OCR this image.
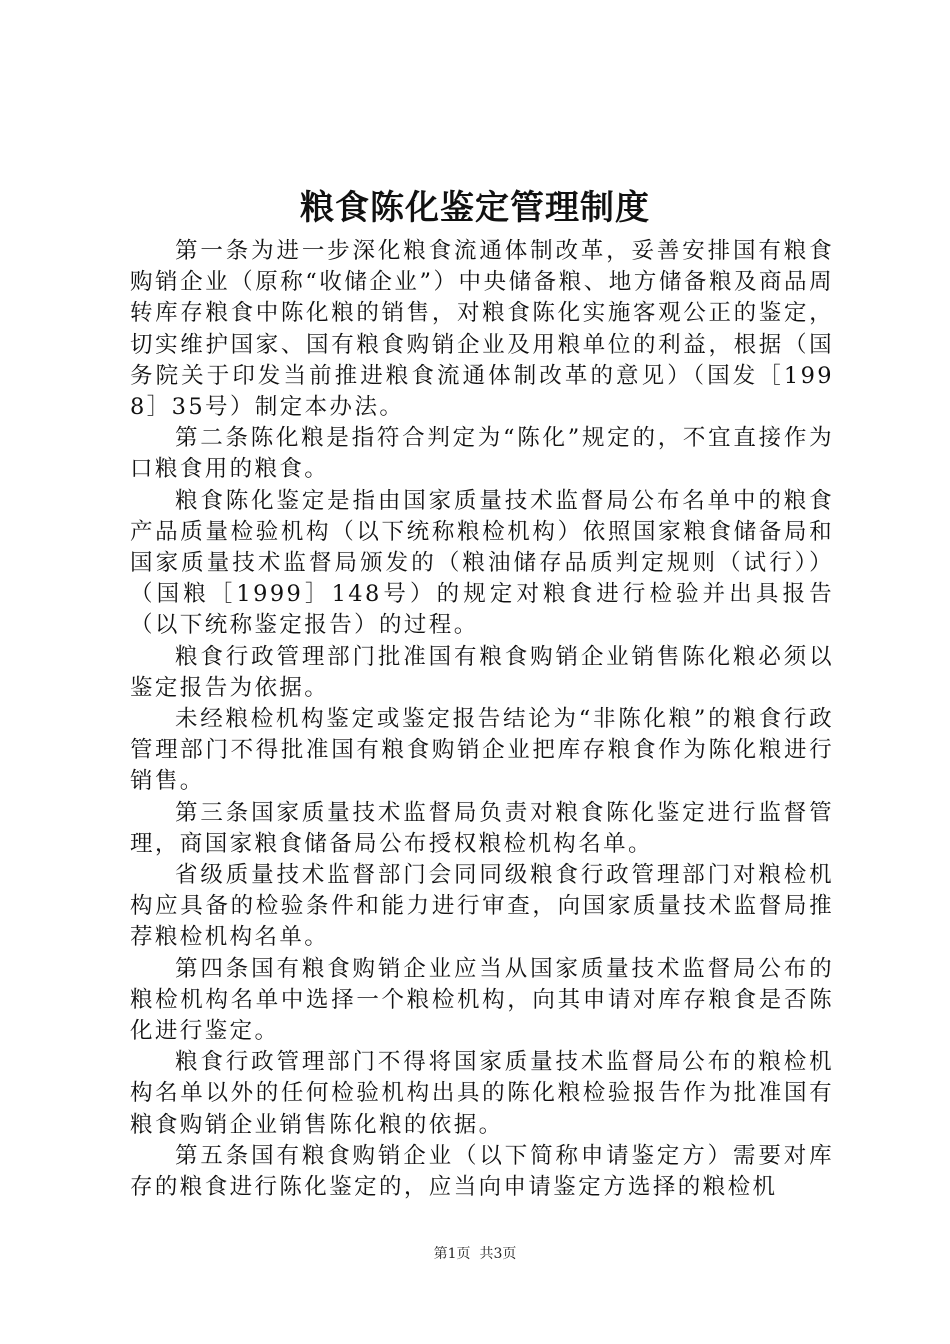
粮食陈化鉴定管理制度

第一条为进一步深化粮食流通体制改革，妥善安排国有粮食购销企业（原称“收储企业”）中央储备粮、地方储备粮及商品周转库存粮食中陈化粮的销售，对粮食陈化实施客观公正的鉴定，切实维护国家、国有粮食购销企业及用粮单位的利益，根据（国务院关于印发当前推进粮食流通体制改革的意见）（国发［1998］35号）制定本办法。

第二条陈化粮是指符合判定为“陈化”规定的，不宜直接作为口粮食用的粮食。

粮食陈化鉴定是指由国家质量技术监督局公布名单中的粮食产品质量检验机构（以下统称粮检机构）依照国家粮食储备局和国家质量技术监督局颁发的（粮油储存品质判定规则（试行））（国粮［1999］148号）的规定对粮食进行检验并出具报告（以下统称鉴定报告）的过程。

粮食行政管理部门批准国有粮食购销企业销售陈化粮必须以鉴定报告为依据。

未经粮检机构鉴定或鉴定报告结论为“非陈化粮”的粮食行政管理部门不得批准国有粮食购销企业把库存粮食作为陈化粮进行销售。

第三条国家质量技术监督局负责对粮食陈化鉴定进行监督管理，商国家粮食储备局公布授权粮检机构名单。

省级质量技术监督部门会同同级粮食行政管理部门对粮检机构应具备的检验条件和能力进行审查，向国家质量技术监督局推荐粮检机构名单。

第四条国有粮食购销企业应当从国家质量技术监督局公布的粮检机构名单中选择一个粮检机构，向其申请对库存粮食是否陈化进行鉴定。

粮食行政管理部门不得将国家质量技术监督局公布的粮检机构名单以外的任何检验机构出具的陈化粮检验报告作为批准国有粮食购销企业销售陈化粮的依据。

第五条国有粮食购销企业（以下简称申请鉴定方）需要对库存的粮食进行陈化鉴定的，应当向申请鉴定方选择的粮检机

第1页 共3页
